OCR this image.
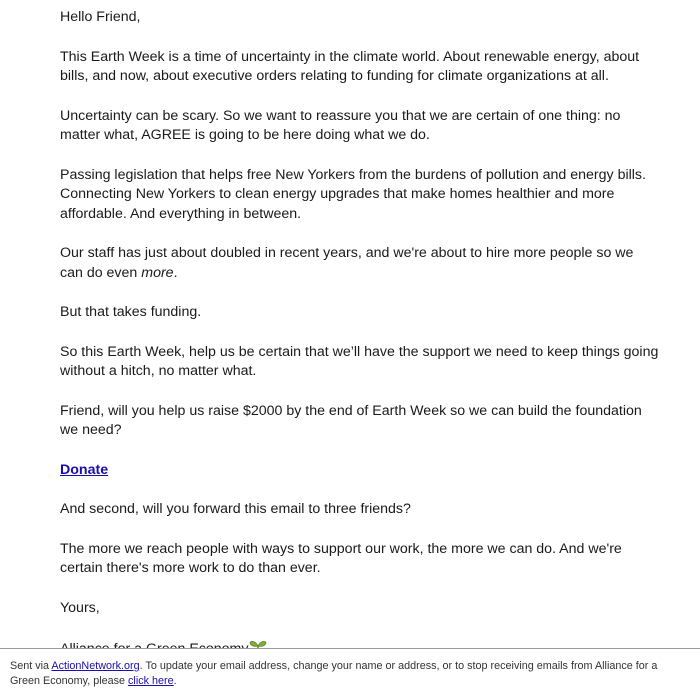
Hello Friend,

This Earth Week is a time of uncertainty in the climate world. About renewable energy, about bills, and now, about executive orders relating to funding for climate organizations at all.

Uncertainty can be scary. So we want to reassure you that we are certain of one thing: no matter what, AGREE is going to be here doing what we do.

Passing legislation that helps free New Yorkers from the burdens of pollution and energy bills. Connecting New Yorkers to clean energy upgrades that make homes healthier and more affordable. And everything in between.

Our staff has just about doubled in recent years, and we're about to hire more people so we can do even more.

But that takes funding.

So this Earth Week, help us be certain that we’ll have the support we need to keep things going without a hitch, no matter what.

Friend, will you help us raise $2000 by the end of Earth Week so we can build the foundation we need?

Donate

And second, will you forward this email to three friends?

The more we reach people with ways to support our work, the more we can do. And we're certain there's more work to do than ever.

Yours,

Sent via ActionNetwork.org. To update your email address, change your name or address, or to stop receiving emails from Alliance for a Green Economy, please click here.
